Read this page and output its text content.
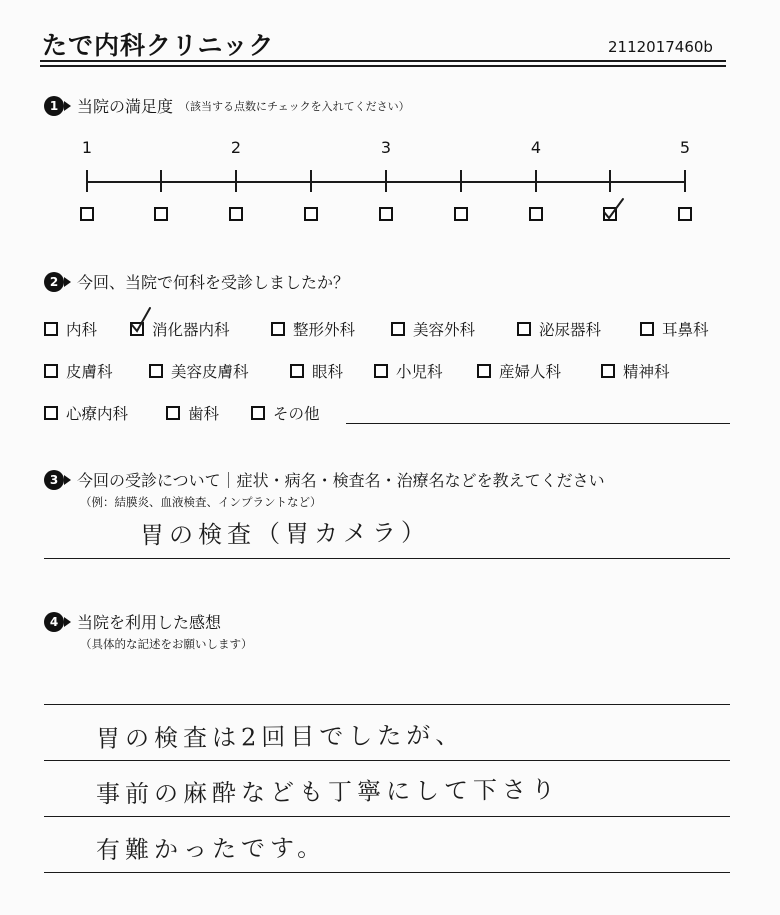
たで内科クリニック	2112017460b
1	当院の満足度 （該当する点数にチェックを入れてください）
1	2	3	4	5
2	今回、当院で何科を受診しましたか？
内科	消化器内科	整形外科	美容外科	泌尿器科	耳鼻科
皮膚科	美容皮膚科	眼科	小児科	産婦人科	精神科
心療内科	歯科	その他
3	今回の受診について｜症状・病名・検査名・治療名などを教えてください
（例：結膜炎、血液検査、インプラントなど）
胃の検査（胃カメラ）
4	当院を利用した感想
（具体的な記述をお願いします）
胃の検査は2回目でしたが、
事前の麻酔なども丁寧にして下さり
有難かったです。
